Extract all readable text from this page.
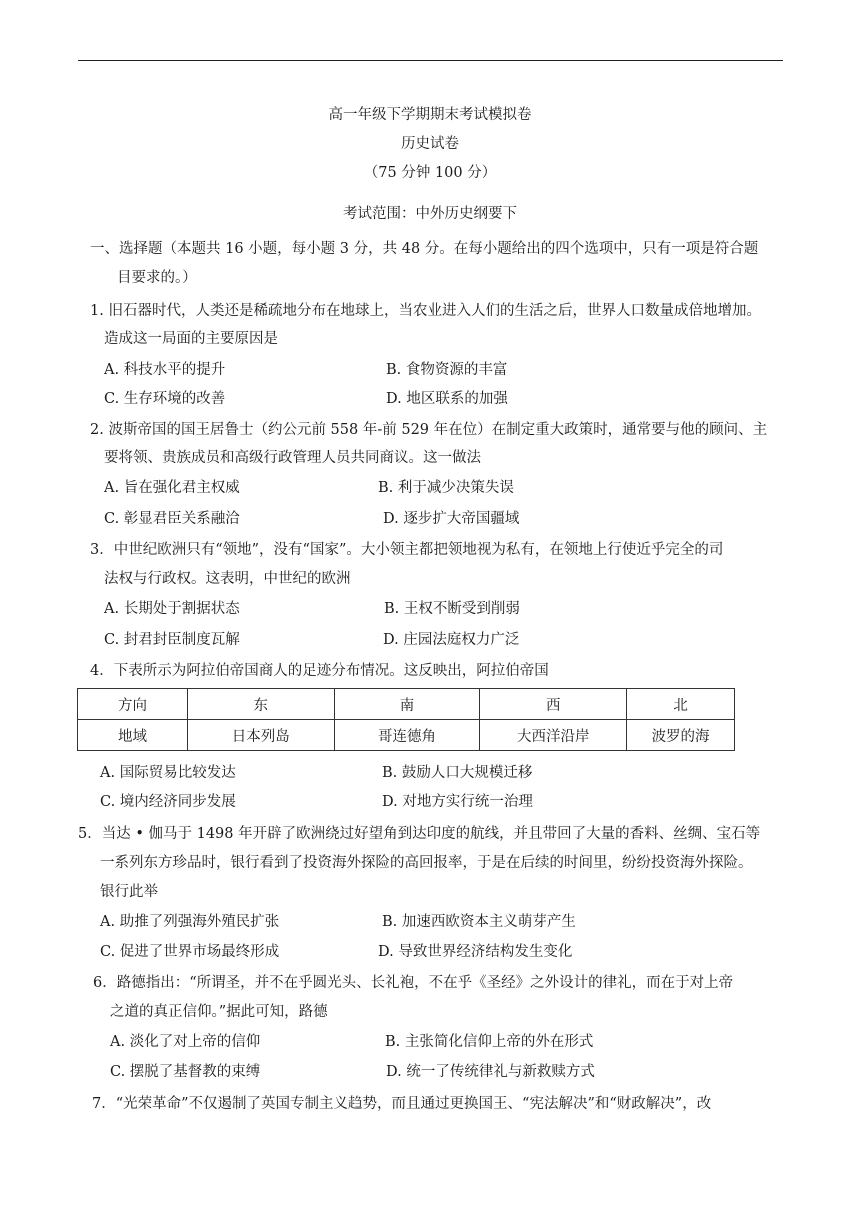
高一年级下学期期末考试模拟卷
历史试卷
（75 分钟 100 分）
考试范围：中外历史纲要下
一、选择题（本题共 16 小题，每小题 3 分，共 48 分。在每小题给出的四个选项中，只有一项是符合题
目要求的。）
1. 旧石器时代，人类还是稀疏地分布在地球上，当农业进入人们的生活之后，世界人口数量成倍地增加。
造成这一局面的主要原因是
A. 科技水平的提升	B. 食物资源的丰富
C. 生存环境的改善	D. 地区联系的加强
2. 波斯帝国的国王居鲁士（约公元前 558 年-前 529 年在位）在制定重大政策时，通常要与他的顾问、主
要将领、贵族成员和高级行政管理人员共同商议。这一做法
A. 旨在强化君主权威	B. 利于减少决策失误
C. 彰显君臣关系融洽	D. 逐步扩大帝国疆域
3．中世纪欧洲只有“领地”，没有“国家”。大小领主都把领地视为私有，在领地上行使近乎完全的司
法权与行政权。这表明，中世纪的欧洲
A. 长期处于割据状态	B. 王权不断受到削弱
C. 封君封臣制度瓦解	D. 庄园法庭权力广泛
4．下表所示为阿拉伯帝国商人的足迹分布情况。这反映出，阿拉伯帝国
方向	东	南	西	北
地域	日本列岛	哥连德角	大西洋沿岸	波罗的海
A. 国际贸易比较发达	B. 鼓励人口大规模迁移
C. 境内经济同步发展	D. 对地方实行统一治理
5．当达 • 伽马于 1498 年开辟了欧洲绕过好望角到达印度的航线，并且带回了大量的香料、丝绸、宝石等
一系列东方珍品时，银行看到了投资海外探险的高回报率，于是在后续的时间里，纷纷投资海外探险。
银行此举
A. 助推了列强海外殖民扩张	B. 加速西欧资本主义萌芽产生
C. 促进了世界市场最终形成	D. 导致世界经济结构发生变化
6．路德指出：“所谓圣，并不在乎圆光头、长礼袍，不在乎《圣经》之外设计的律礼，而在于对上帝
之道的真正信仰。”据此可知，路德
A. 淡化了对上帝的信仰	B. 主张简化信仰上帝的外在形式
C. 摆脱了基督教的束缚	D. 统一了传统律礼与新救赎方式
7．“光荣革命”不仅遏制了英国专制主义趋势，而且通过更换国王、“宪法解决”和“财政解决”，改
